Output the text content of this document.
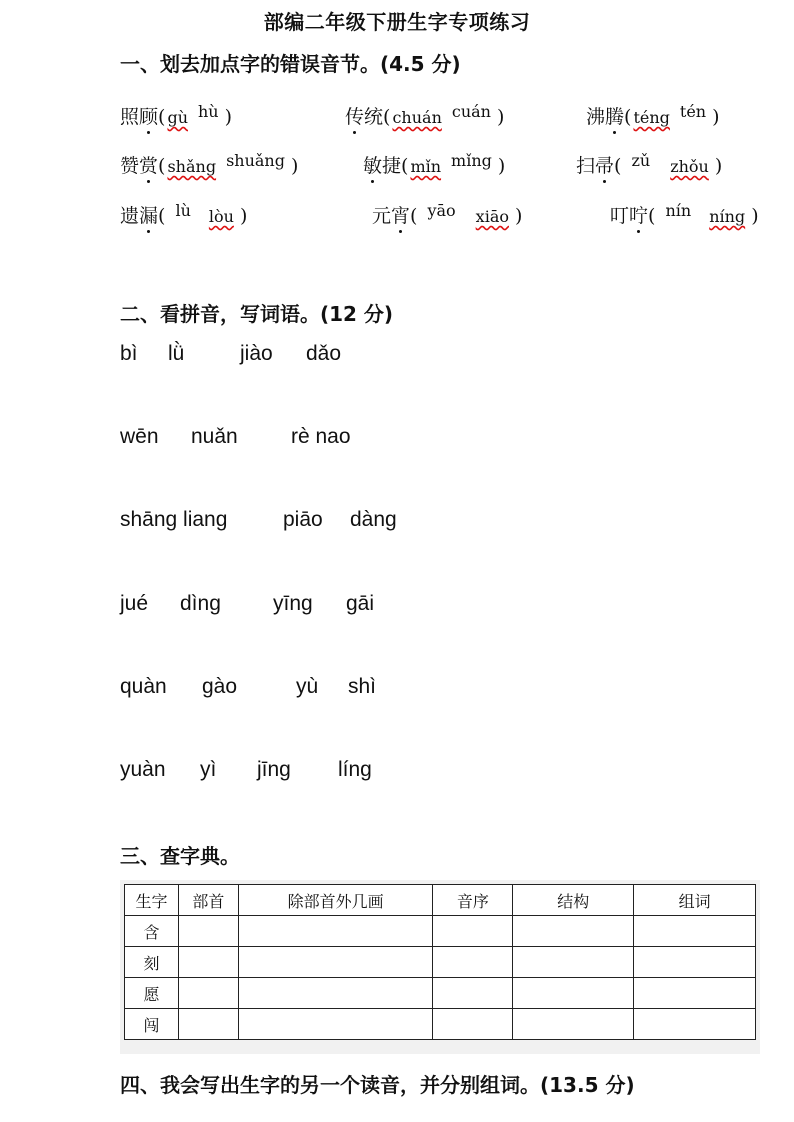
部编二年级下册生字专项练习
一、划去加点字的错误音节。(4.5 分)
照顾( gù $^{hù}$ )	传统( chuán $^{cuán}$ )	沸腾( téng $^{tén}$ )
赞赏( shǎng $^{shuǎng}$ )	敏捷( mǐn $^{mǐng}$ )	扫帚( $^{zǔ}$ zhǒu )
遗漏( $^{lù}$ lòu )	元宵( $^{yāo}$ xiāo )	叮咛( $^{nín}$ níng )
二、看拼音，写词语。(12 分)
bì lǜ	jiào dǎo
wēn nuǎn	rè nao
shāng liang	piāo dàng
jué dìng yīng gāi
quàn gào	yù shì
yuàn yì jīng líng
三、查字典。
生字	部首	除部首外几画	音序	结构	组词
含					
刻					
愿					
闯					
四、我会写出生字的另一个读音，并分别组词。(13.5 分)
